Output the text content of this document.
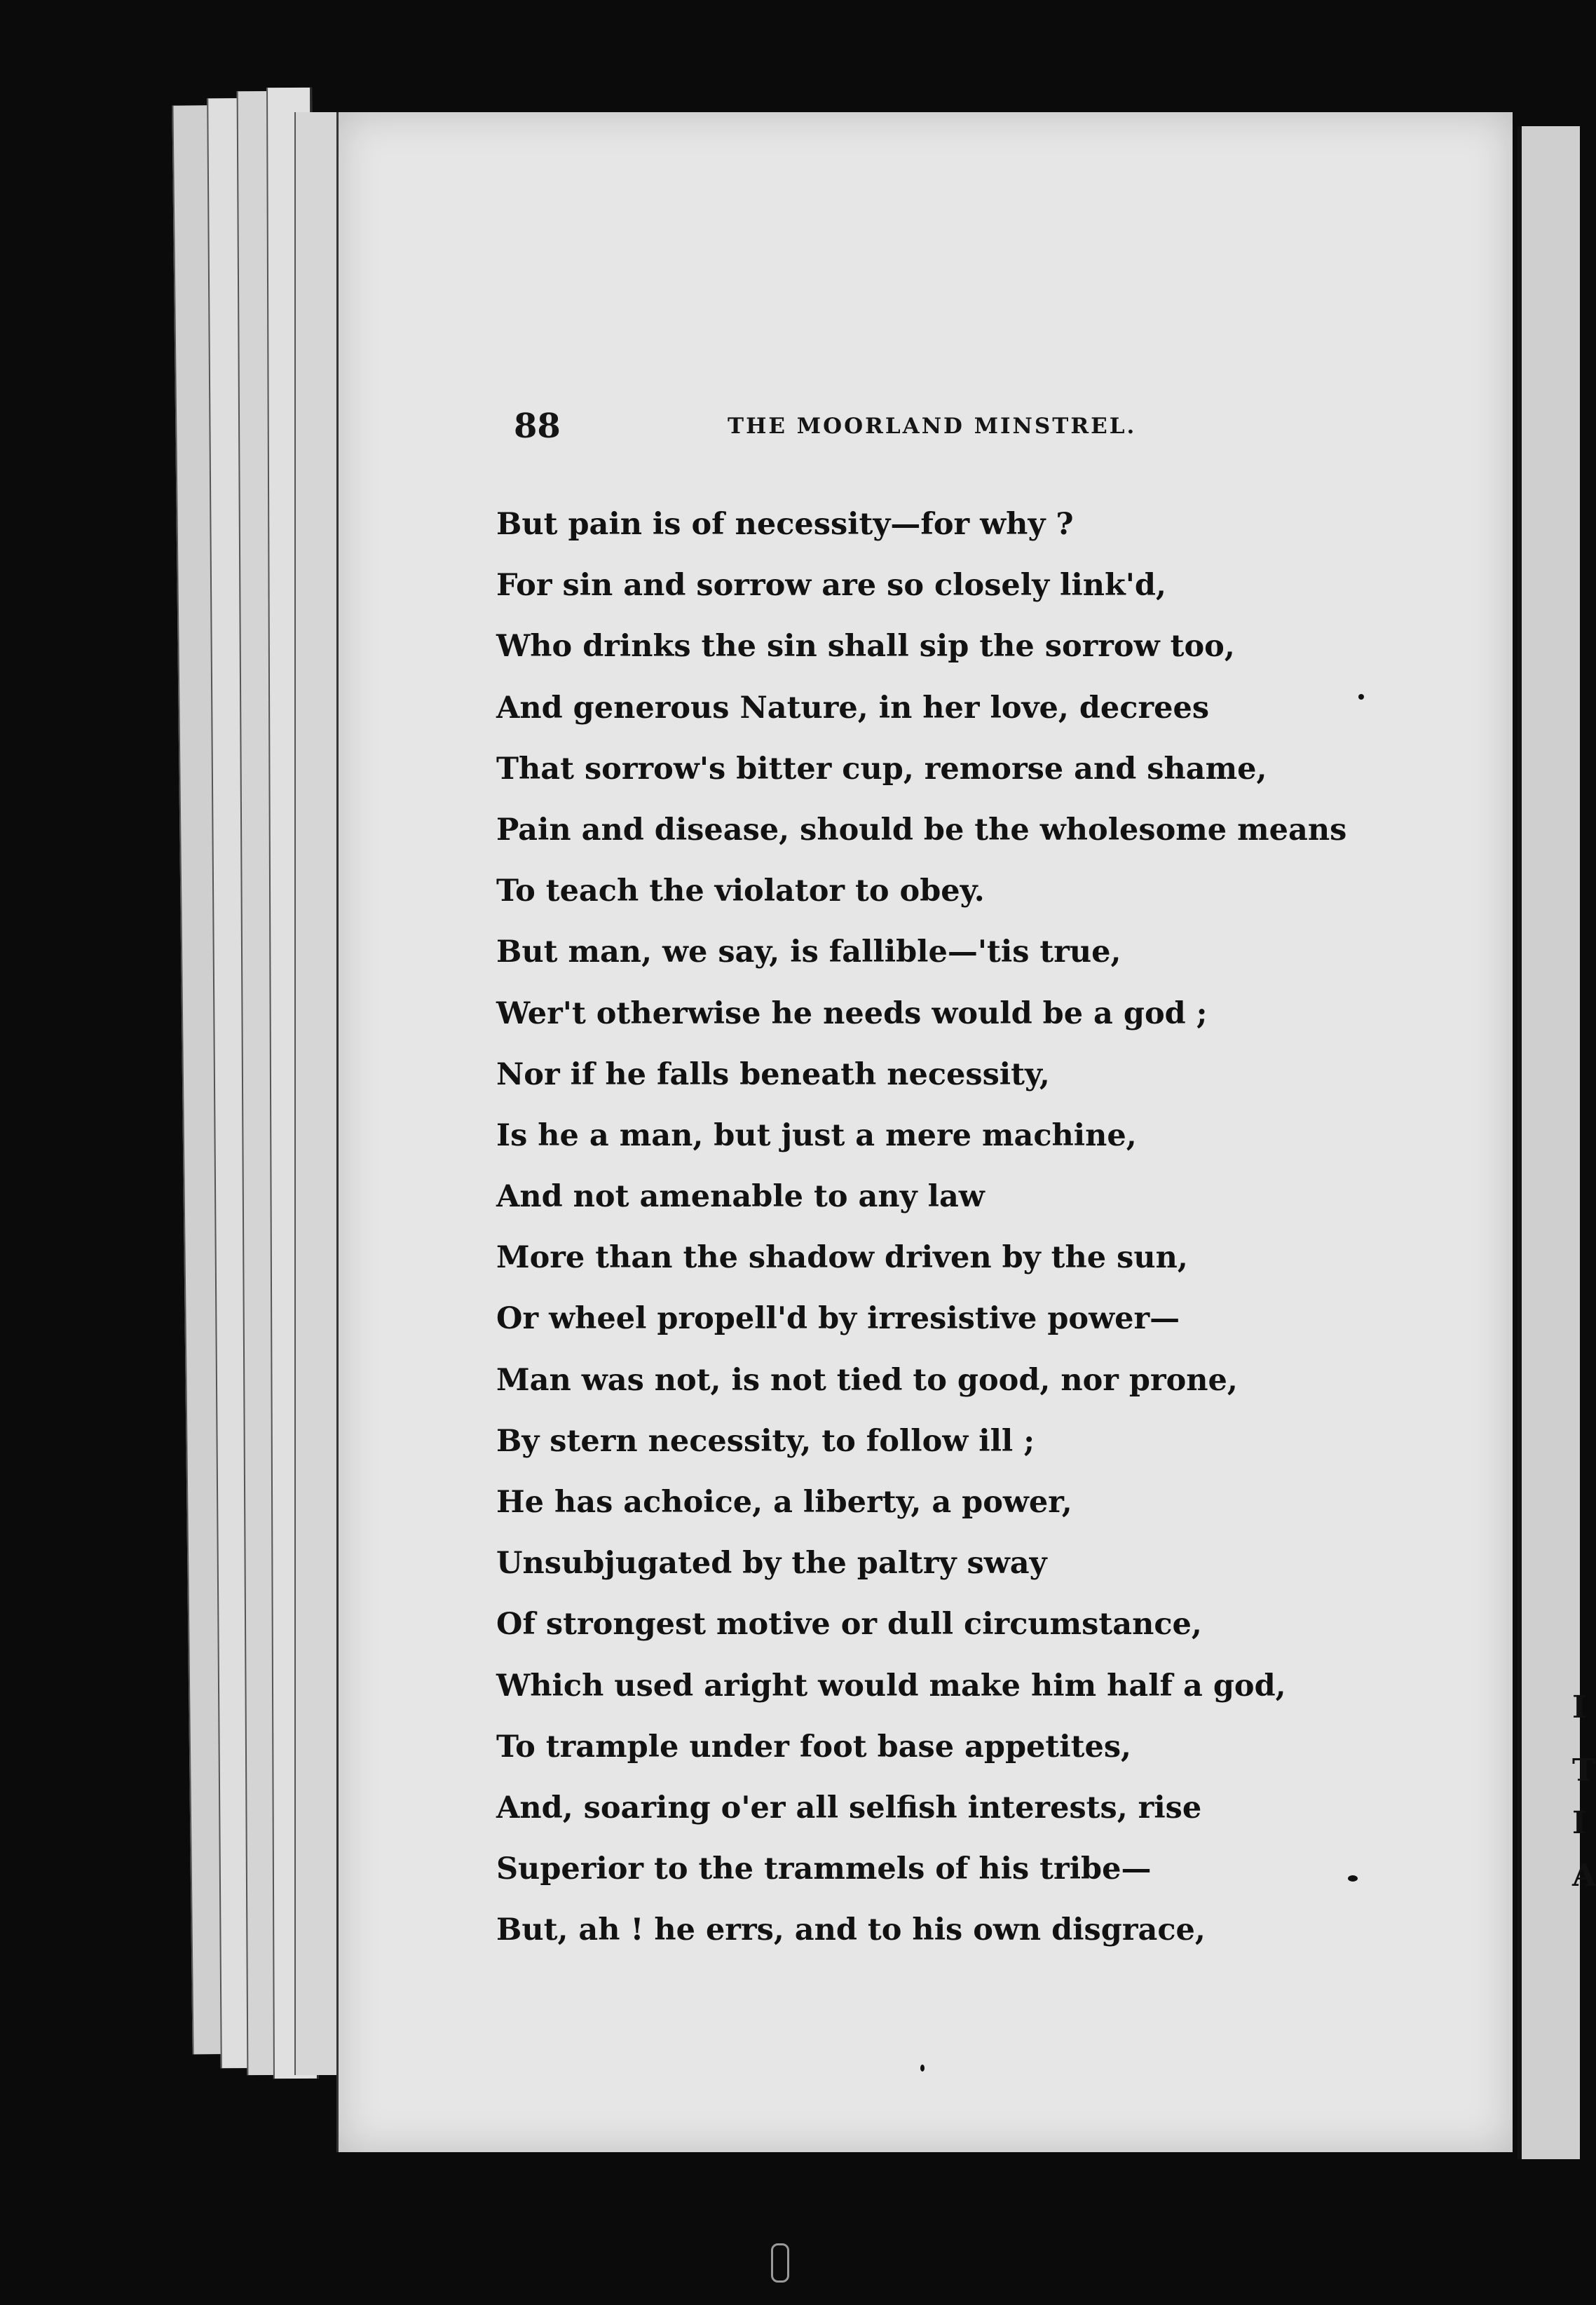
88	THE MOORLAND MINSTREL.
But pain is of necessity—for why ?
For sin and sorrow are so closely link'd,
Who drinks the sin shall sip the sorrow too,
And generous Nature, in her love, decrees
That sorrow's bitter cup, remorse and shame,
Pain and disease, should be the wholesome means
To teach the violator to obey.
But man, we say, is fallible—'tis true,
Wer't otherwise he needs would be a god ;
Nor if he falls beneath necessity,
Is he a man, but just a mere machine,
And not amenable to any law
More than the shadow driven by the sun,
Or wheel propell'd by irresistive power—
Man was not, is not tied to good, nor prone,
By stern necessity, to follow ill ;
He has achoice, a liberty, a power,
Unsubjugated by the paltry sway
Of strongest motive or dull circumstance,
Which used aright would make him half a god,
To trample under foot base appetites,
And, soaring o'er all selfish interests, rise
Superior to the trammels of his tribe—
But, ah ! he errs, and to his own disgrace,
I
T
I
A
